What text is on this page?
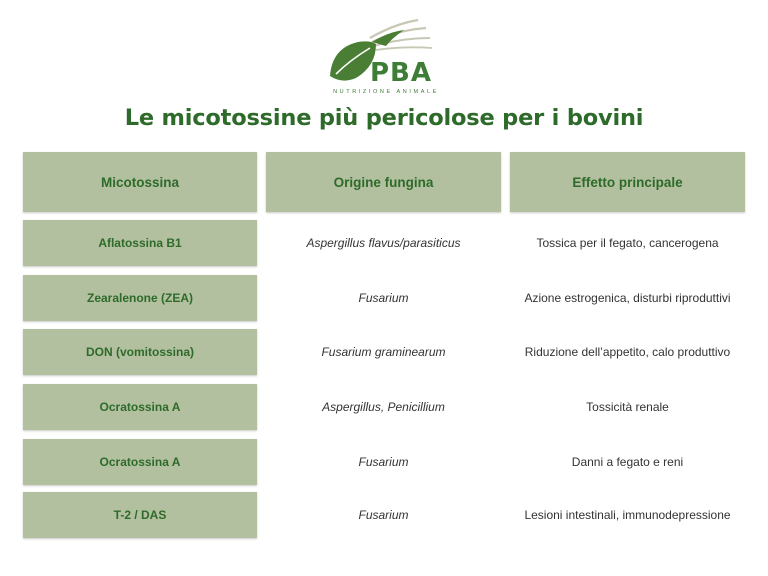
PBA
NUTRIZIONE ANIMALE
Le micotossine più pericolose per i bovini
Micotossina	Origine fungina	Effetto principale
Aflatossina B1	Aspergillus flavus/parasiticus	Tossica per il fegato, cancerogena
Zearalenone (ZEA)	Fusarium	Azione estrogenica, disturbi riproduttivi
DON (vomitossina)	Fusarium graminearum	Riduzione dell’appetito, calo produttivo
Ocratossina A	Aspergillus, Penicillium	Tossicità renale
Ocratossina A	Fusarium	Danni a fegato e reni
T-2 / DAS	Fusarium	Lesioni intestinali, immunodepressione
